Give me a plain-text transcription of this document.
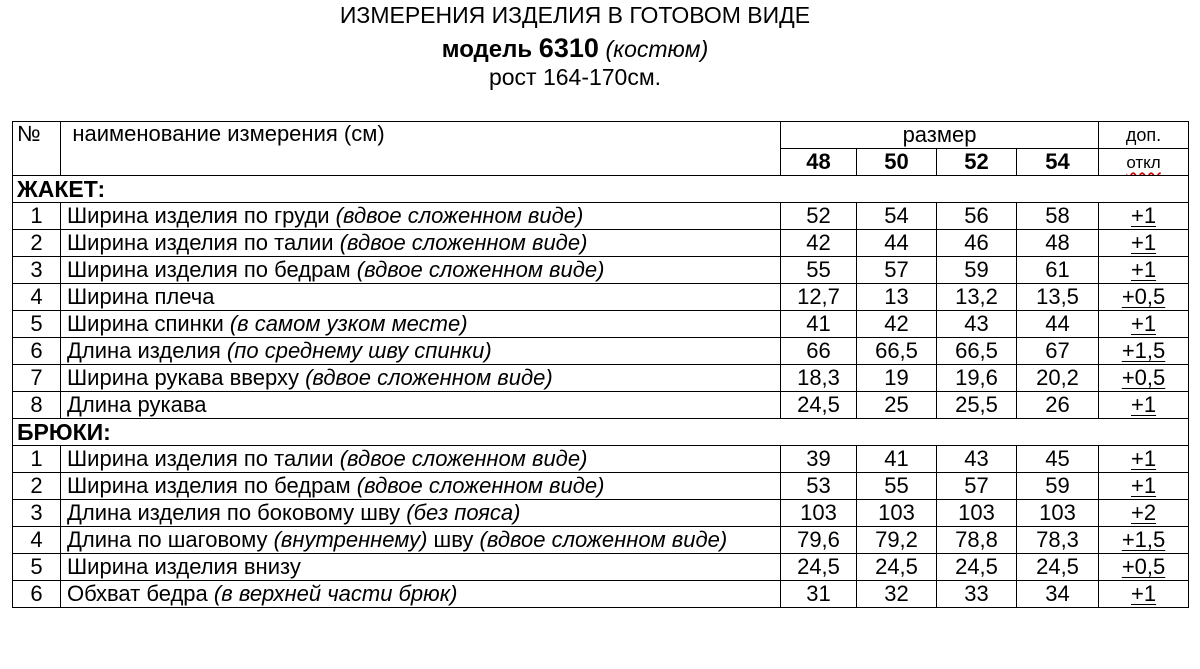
ИЗМЕРЕНИЯ ИЗДЕЛИЯ В ГОТОВОМ ВИДЕ
модель 6310 (костюм)
рост 164-170см.
№	наименование измерения (см)	размер				доп.
		48	50	52	54	откл
ЖАКЕТ:						
1	Ширина изделия по груди (вдвое сложенном виде)	52	54	56	58	+1
2	Ширина изделия по талии (вдвое сложенном виде)	42	44	46	48	+1
3	Ширина изделия по бедрам (вдвое сложенном виде)	55	57	59	61	+1
4	Ширина плеча	12,7	13	13,2	13,5	+0,5
5	Ширина спинки (в самом узком месте)	41	42	43	44	+1
6	Длина изделия (по среднему шву спинки)	66	66,5	66,5	67	+1,5
7	Ширина рукава вверху (вдвое сложенном виде)	18,3	19	19,6	20,2	+0,5
8	Длина рукава	24,5	25	25,5	26	+1
БРЮКИ:						
1	Ширина изделия по талии (вдвое сложенном виде)	39	41	43	45	+1
2	Ширина изделия по бедрам (вдвое сложенном виде)	53	55	57	59	+1
3	Длина изделия по боковому шву (без пояса)	103	103	103	103	+2
4	Длина по шаговому (внутреннему) шву (вдвое сложенном виде)	79,6	79,2	78,8	78,3	+1,5
5	Ширина изделия внизу	24,5	24,5	24,5	24,5	+0,5
6	Обхват бедра (в верхней части брюк)	31	32	33	34	+1
